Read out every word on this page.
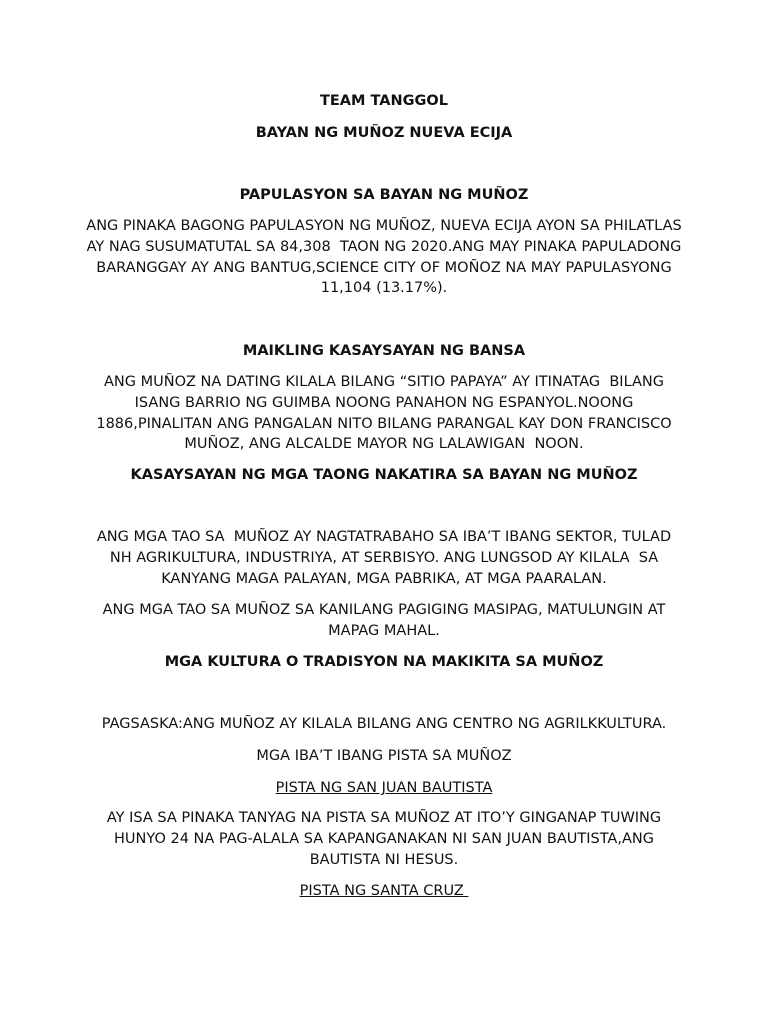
TEAM TANGGOL

BAYAN NG MUÑOZ NUEVA ECIJA

PAPULASYON SA BAYAN NG MUÑOZ

ANG PINAKA BAGONG PAPULASYON NG MUÑOZ, NUEVA ECIJA AYON SA PHILATLAS AY NAG SUSUMATUTAL SA 84,308  TAON NG 2020.ANG MAY PINAKA PAPULADONG  BARANGGAY AY ANG BANTUG,SCIENCE CITY OF MOÑOZ NA MAY PAPULASYONG 11,104 (13.17%).

MAIKLING KASAYSAYAN NG BANSA

ANG MUÑOZ NA DATING KILALA BILANG “SITIO PAPAYA” AY ITINATAG  BILANG ISANG BARRIO NG GUIMBA NOONG PANAHON NG ESPANYOL.NOONG 1886,PINALITAN ANG PANGALAN NITO BILANG PARANGAL KAY DON FRANCISCO MUÑOZ, ANG ALCALDE MAYOR NG LALAWIGAN  NOON.

KASAYSAYAN NG MGA TAONG NAKATIRA SA BAYAN NG MUÑOZ

ANG MGA TAO SA  MUÑOZ AY NAGTATRABAHO SA IBA’T IBANG SEKTOR, TULAD NH AGRIKULTURA, INDUSTRIYA, AT SERBISYO. ANG LUNGSOD AY KILALA  SA  KANYANG MAGA PALAYAN, MGA PABRIKA, AT MGA PAARALAN.

ANG MGA TAO SA MUÑOZ SA KANILANG PAGIGING MASIPAG, MATULUNGIN AT MAPAG MAHAL.

MGA KULTURA O TRADISYON NA MAKIKITA SA MUÑOZ

PAGSASKA:ANG MUÑOZ AY KILALA BILANG ANG CENTRO NG AGRILKKULTURA.

MGA IBA’T IBANG PISTA SA MUÑOZ

PISTA NG SAN JUAN BAUTISTA

AY ISA SA PINAKA TANYAG NA PISTA SA MUÑOZ AT ITO’Y GINGANAP TUWING HUNYO 24 NA PAG-ALALA SA KAPANGANAKAN NI SAN JUAN BAUTISTA,ANG BAUTISTA NI HESUS.

PISTA NG SANTA CRUZ
